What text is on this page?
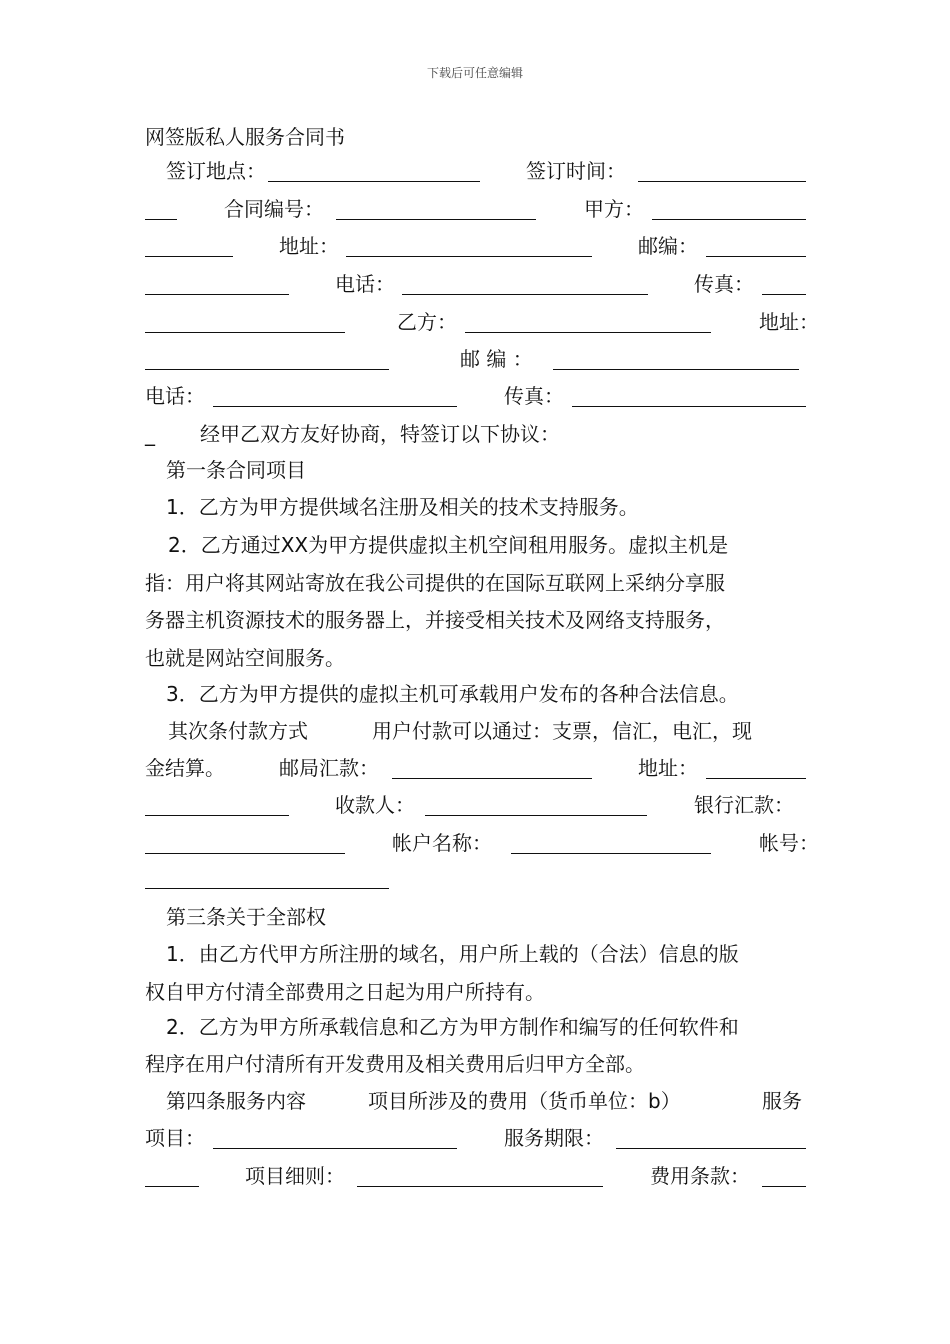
下载后可任意编辑
网签版私人服务合同书
签订地点：	签订时间：
合同编号：	甲方：
地址：	邮编：
电话：	传真：
乙方：	地址：
邮 编 ：
电话：	传真：
_ 经甲乙双方友好协商，特签订以下协议：
第一条合同项目
1．乙方为甲方提供域名注册及相关的技术支持服务。
2．乙方通过XX为甲方提供虚拟主机空间租用服务。虚拟主机是
指：用户将其网站寄放在我公司提供的在国际互联网上采纳分享服
务器主机资源技术的服务器上，并接受相关技术及网络支持服务，
也就是网站空间服务。
3．乙方为甲方提供的虚拟主机可承载用户发布的各种合法信息。
其次条付款方式	用户付款可以通过：支票，信汇，电汇，现
金结算。	邮局汇款：	地址：
收款人：	银行汇款：
帐户名称：	帐号：
第三条关于全部权
1．由乙方代甲方所注册的域名，用户所上载的（合法）信息的版
权自甲方付清全部费用之日起为用户所持有。
2．乙方为甲方所承载信息和乙方为甲方制作和编写的任何软件和
程序在用户付清所有开发费用及相关费用后归甲方全部。
第四条服务内容	项目所涉及的费用（货币单位：b）	服务
项目：	服务期限：
项目细则：	费用条款：
